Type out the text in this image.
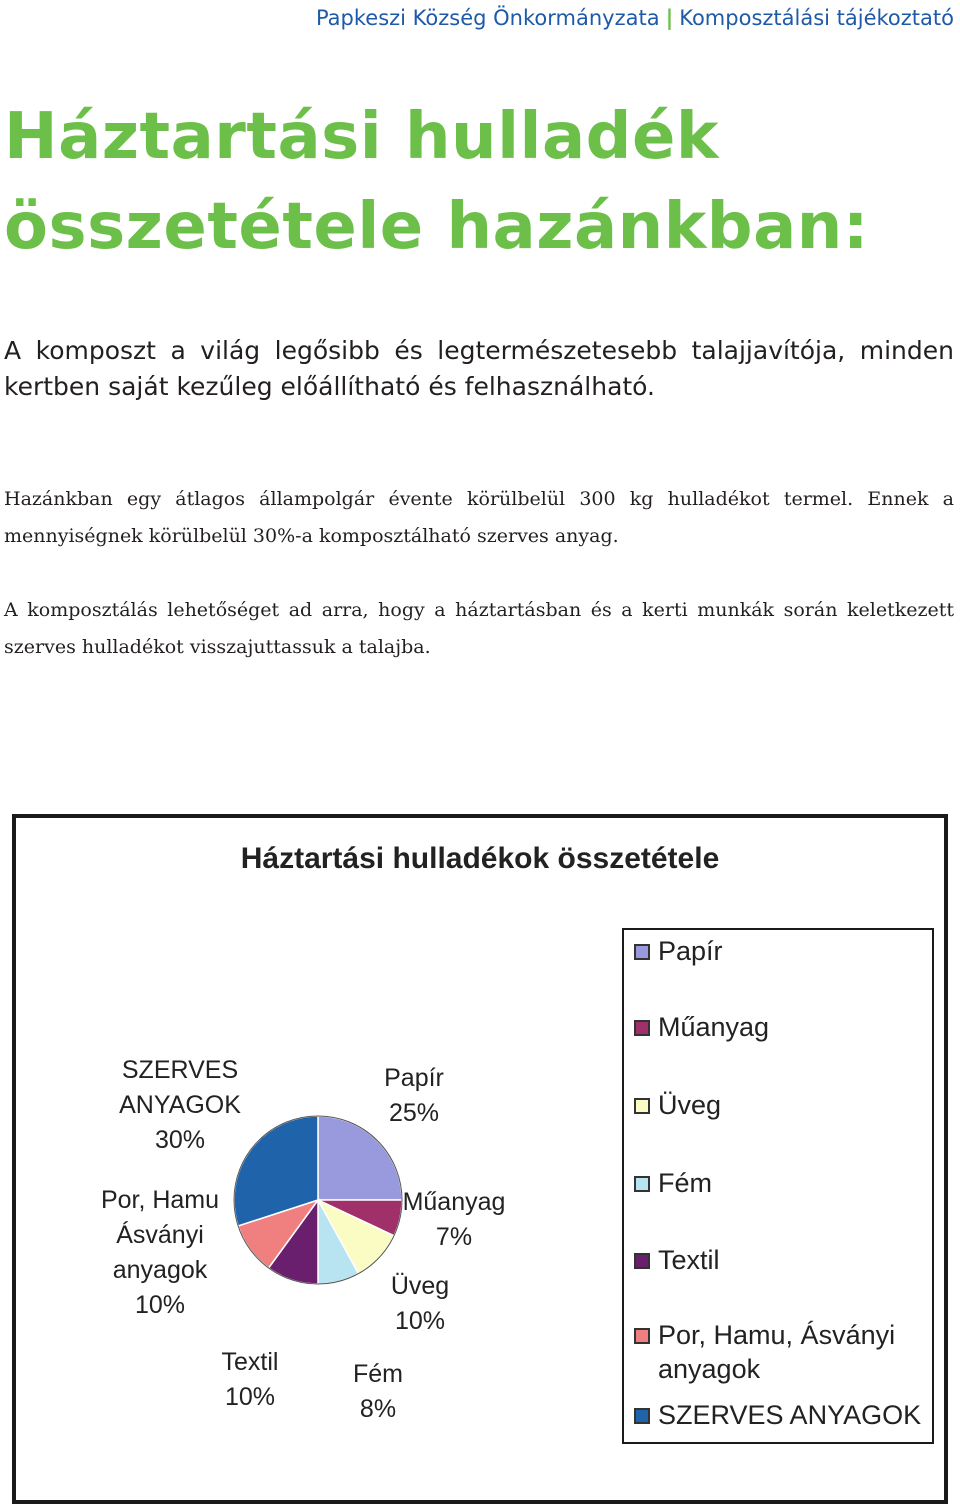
Papkeszi Község Önkormányzata | Komposztálási tájékoztató
Háztartási hulladék összetétele hazánkban:

A komposzt a világ legősibb és legtermészetesebb talajjavítója, minden kertben saját kezűleg előállítható és felhasználható.

Hazánkban egy átlagos állampolgár évente körülbelül 300 kg hulladékot termel. Ennek a mennyiségnek körülbelül 30%-a komposztálható szerves anyag.

A komposztálás lehetőséget ad arra, hogy a háztartásban és a kerti munkák során keletkezett szerves hulladékot visszajuttassuk a talajba.

Háztartási hulladékok összetétele
Papír 25%
Műanyag 7%
Üveg 10%
Fém 8%
Textil 10%
Por, Hamu Ásványi anyagok 10%
SZERVES ANYAGOK 30%
Papír
Műanyag
Üveg
Fém
Textil
Por, Hamu, Ásványi anyagok
SZERVES ANYAGOK
